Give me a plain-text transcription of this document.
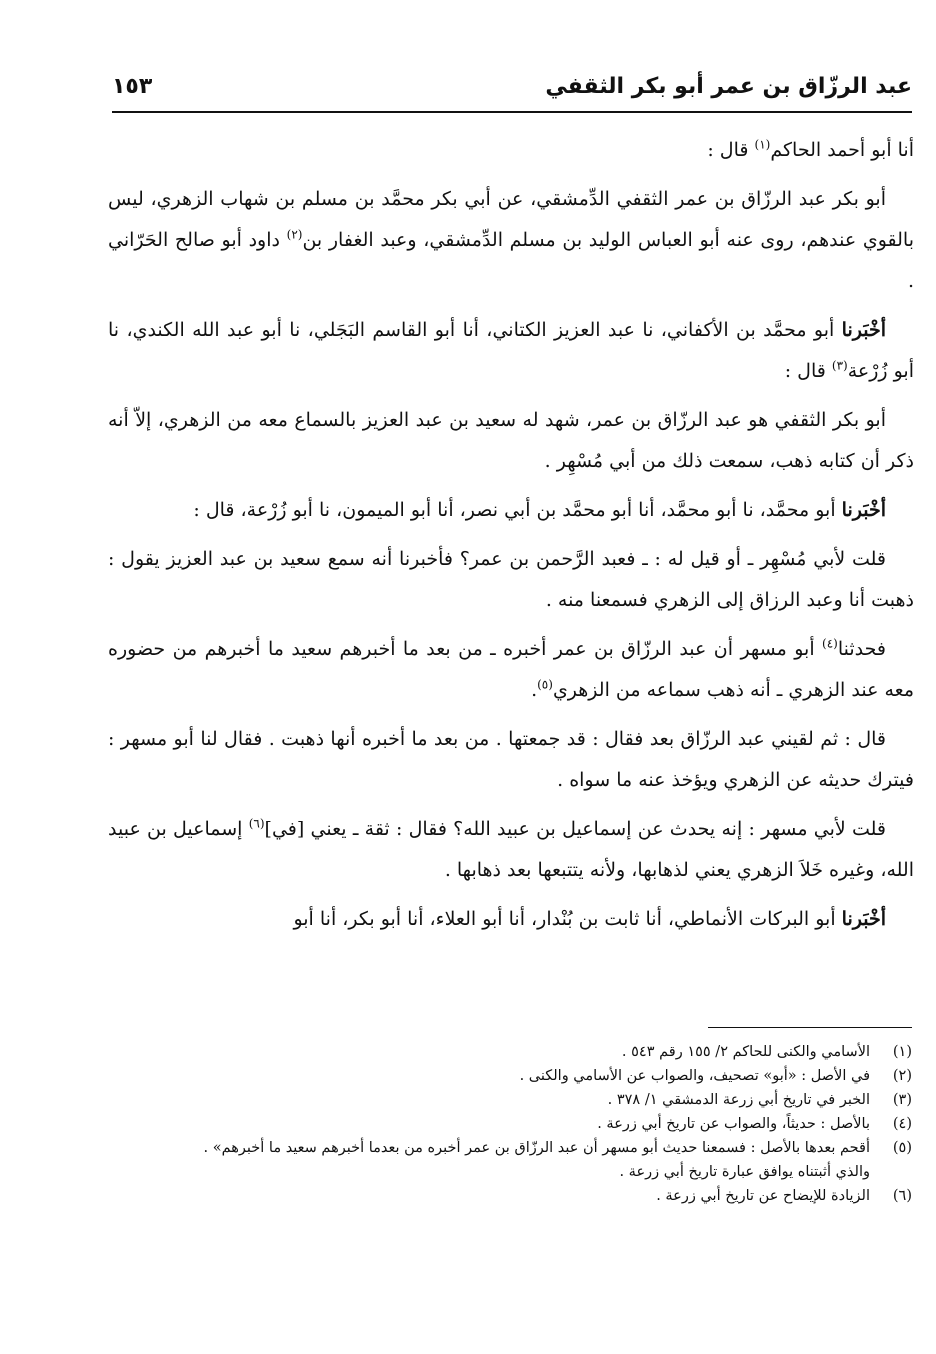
عبد الرزّاق بن عمر أبو بكر الثقفي
١٥٣

أنا أبو أحمد الحاكم$^{(١)}$ قال :

أبو بكر عبد الرزّاق بن عمر الثقفي الدِّمشقي، عن أبي بكر محمَّد بن مسلم بن شهاب الزهري، ليس بالقوي عندهم، روى عنه أبو العباس الوليد بن مسلم الدِّمشقي، وعبد الغفار بن$^{(٢)}$ داود أبو صالح الحَرّاني .

أخْبَرنا أبو محمَّد بن الأكفاني، نا عبد العزيز الكتاني، أنا أبو القاسم البَجَلي، نا أبو عبد الله الكندي، نا أبو زُرْعة$^{(٣)}$ قال :

أبو بكر الثقفي هو عبد الرزّاق بن عمر، شهد له سعيد بن عبد العزيز بالسماع معه من الزهري، إلاّ أنه ذكر أن كتابه ذهب، سمعت ذلك من أبي مُسْهِر .

أخْبَرنا أبو محمَّد، نا أبو محمَّد، أنا أبو محمَّد بن أبي نصر، أنا أبو الميمون، نا أبو زُرْعة، قال :

قلت لأبي مُسْهِر ـ أو قيل له : ـ فعبد الرَّحمن بن عمر؟ فأخبرنا أنه سمع سعيد بن عبد العزيز يقول : ذهبت أنا وعبد الرزاق إلى الزهري فسمعنا منه .

فحدثنا$^{(٤)}$ أبو مسهر أن عبد الرزّاق بن عمر أخبره ـ من بعد ما أخبرهم سعيد ما أخبرهم من حضوره معه عند الزهري ـ أنه ذهب سماعه من الزهري$^{(٥)}$.

قال : ثم لقيني عبد الرزّاق بعد فقال : قد جمعتها . من بعد ما أخبره أنها ذهبت . فقال لنا أبو مسهر : فيترك حديثه عن الزهري ويؤخذ عنه ما سواه .

قلت لأبي مسهر : إنه يحدث عن إسماعيل بن عبيد الله؟ فقال : ثقة ـ يعني [في]$^{(٦)}$ إسماعيل بن عبيد الله، وغيره خَلاَ الزهري يعني لذهابها، ولأنه يتتبعها بعد ذهابها .

أخْبَرنا أبو البركات الأنماطي، أنا ثابت بن بُنْدار، أنا أبو العلاء، أنا أبو بكر، أنا أبو

(١)
الأسامي والكنى للحاكم ٢/ ١٥٥ رقم ٥٤٣ .
(٢)
في الأصل : «أبو» تصحيف، والصواب عن الأسامي والكنى .
(٣)
الخبر في تاريخ أبي زرعة الدمشقي ١/ ٣٧٨ .
(٤)
بالأصل : حديثاً، والصواب عن تاريخ أبي زرعة .
(٥)
أقحم بعدها بالأصل : فسمعنا حديث أبو مسهر أن عبد الرزّاق بن عمر أخبره من بعدما أخبرهم سعيد ما أخبرهم» .
والذي أثبتناه يوافق عبارة تاريخ أبي زرعة .
(٦)
الزيادة للإيضاح عن تاريخ أبي زرعة .
